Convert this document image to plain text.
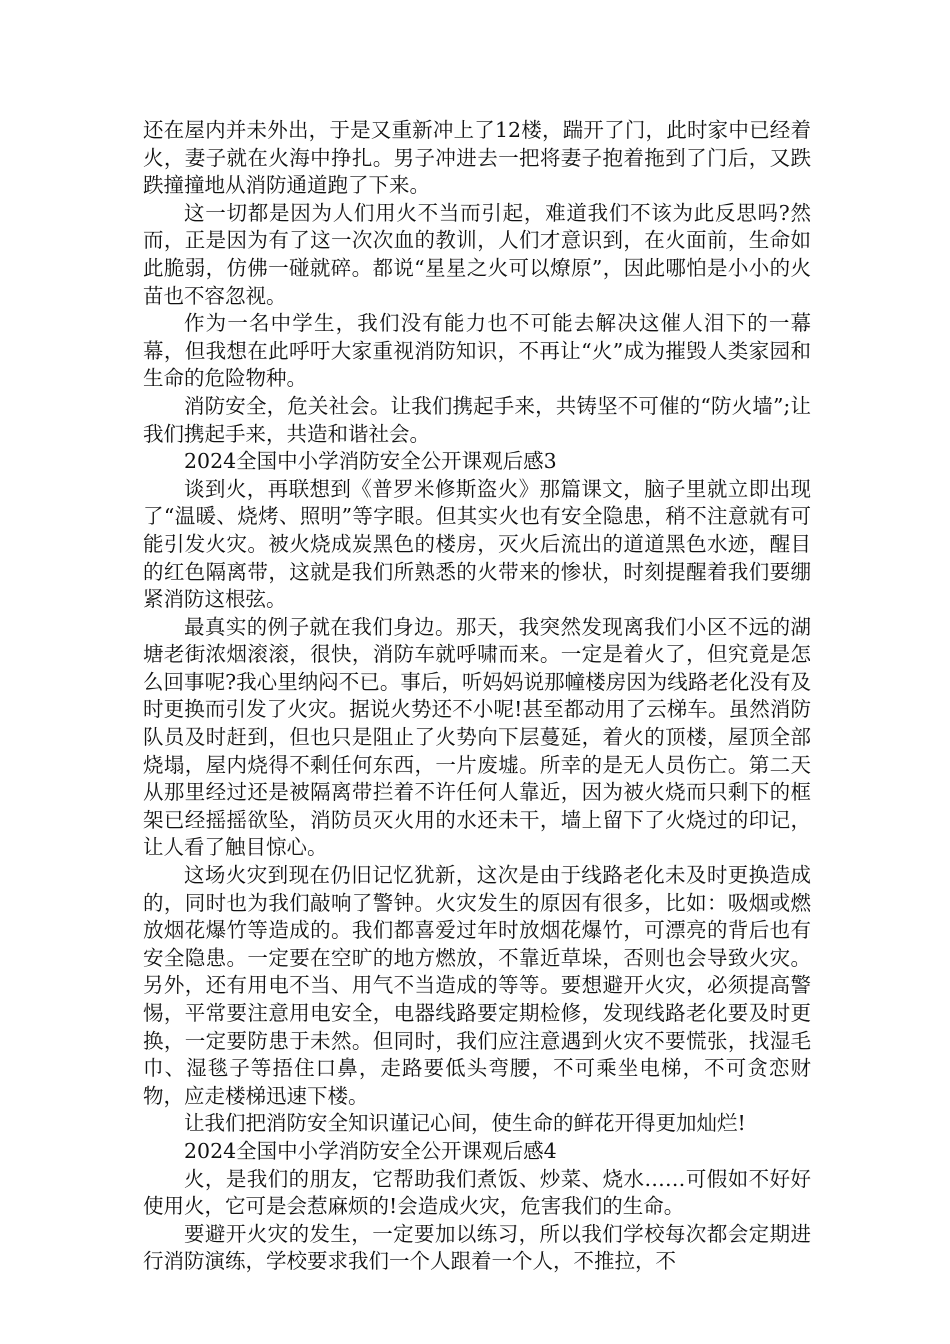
还在屋内并未外出，于是又重新冲上了12楼，踹开了门，此时家中已经着火，妻子就在火海中挣扎。男子冲进去一把将妻子抱着拖到了门后，又跌跌撞撞地从消防通道跑了下来。

这一切都是因为人们用火不当而引起，难道我们不该为此反思吗?然而，正是因为有了这一次次血的教训，人们才意识到，在火面前，生命如此脆弱，仿佛一碰就碎。都说“星星之火可以燎原”，因此哪怕是小小的火苗也不容忽视。

作为一名中学生，我们没有能力也不可能去解决这催人泪下的一幕幕，但我想在此呼吁大家重视消防知识，不再让“火”成为摧毁人类家园和生命的危险物种。

消防安全，危关社会。让我们携起手来，共铸坚不可催的“防火墙”;让我们携起手来，共造和谐社会。

2024全国中小学消防安全公开课观后感3

谈到火，再联想到《普罗米修斯盗火》那篇课文，脑子里就立即出现了“温暖、烧烤、照明”等字眼。但其实火也有安全隐患，稍不注意就有可能引发火灾。被火烧成炭黑色的楼房，灭火后流出的道道黑色水迹，醒目的红色隔离带，这就是我们所熟悉的火带来的惨状，时刻提醒着我们要绷紧消防这根弦。

最真实的例子就在我们身边。那天，我突然发现离我们小区不远的湖塘老街浓烟滚滚，很快，消防车就呼啸而来。一定是着火了，但究竟是怎么回事呢?我心里纳闷不已。事后，听妈妈说那幢楼房因为线路老化没有及时更换而引发了火灾。据说火势还不小呢!甚至都动用了云梯车。虽然消防队员及时赶到，但也只是阻止了火势向下层蔓延，着火的顶楼，屋顶全部烧塌，屋内烧得不剩任何东西，一片废墟。所幸的是无人员伤亡。第二天从那里经过还是被隔离带拦着不许任何人靠近，因为被火烧而只剩下的框架已经摇摇欲坠，消防员灭火用的水还未干，墙上留下了火烧过的印记，让人看了触目惊心。

这场火灾到现在仍旧记忆犹新，这次是由于线路老化未及时更换造成的，同时也为我们敲响了警钟。火灾发生的原因有很多，比如：吸烟或燃放烟花爆竹等造成的。我们都喜爱过年时放烟花爆竹，可漂亮的背后也有安全隐患。一定要在空旷的地方燃放，不靠近草垛，否则也会导致火灾。另外，还有用电不当、用气不当造成的等等。要想避开火灾，必须提高警惕，平常要注意用电安全，电器线路要定期检修，发现线路老化要及时更换，一定要防患于未然。但同时，我们应注意遇到火灾不要慌张，找湿毛巾、湿毯子等捂住口鼻，走路要低头弯腰，不可乘坐电梯，不可贪恋财物，应走楼梯迅速下楼。

让我们把消防安全知识谨记心间，使生命的鲜花开得更加灿烂!

2024全国中小学消防安全公开课观后感4

火，是我们的朋友，它帮助我们煮饭、炒菜、烧水……可假如不好好使用火，它可是会惹麻烦的!会造成火灾，危害我们的生命。

要避开火灾的发生，一定要加以练习，所以我们学校每次都会定期进行消防演练，学校要求我们一个人跟着一个人，不推拉，不
